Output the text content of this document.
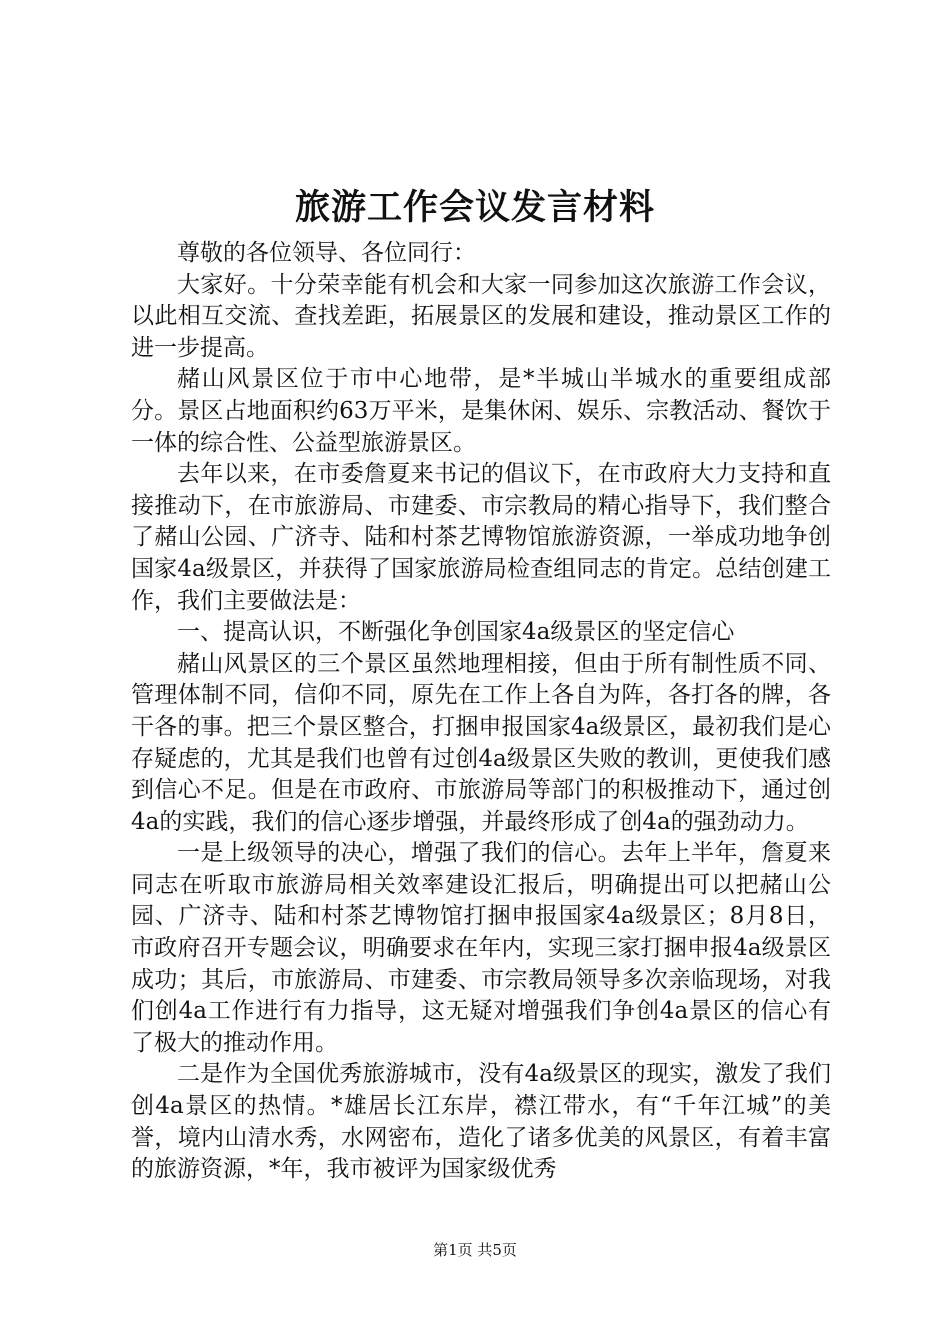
旅游工作会议发言材料

尊敬的各位领导、各位同行：

大家好。十分荣幸能有机会和大家一同参加这次旅游工作会议，以此相互交流、查找差距，拓展景区的发展和建设，推动景区工作的进一步提高。

赭山风景区位于市中心地带，是*半城山半城水的重要组成部分。景区占地面积约63万平米，是集休闲、娱乐、宗教活动、餐饮于一体的综合性、公益型旅游景区。

去年以来，在市委詹夏来书记的倡议下，在市政府大力支持和直接推动下，在市旅游局、市建委、市宗教局的精心指导下，我们整合了赭山公园、广济寺、陆和村茶艺博物馆旅游资源，一举成功地争创国家4a级景区，并获得了国家旅游局检查组同志的肯定。总结创建工作，我们主要做法是：

一、提高认识，不断强化争创国家4a级景区的坚定信心

赭山风景区的三个景区虽然地理相接，但由于所有制性质不同、管理体制不同，信仰不同，原先在工作上各自为阵，各打各的牌，各干各的事。把三个景区整合，打捆申报国家4a级景区，最初我们是心存疑虑的，尤其是我们也曾有过创4a级景区失败的教训，更使我们感到信心不足。但是在市政府、市旅游局等部门的积极推动下，通过创4a的实践，我们的信心逐步增强，并最终形成了创4a的强劲动力。

一是上级领导的决心，增强了我们的信心。去年上半年，詹夏来同志在听取市旅游局相关效率建设汇报后，明确提出可以把赭山公园、广济寺、陆和村茶艺博物馆打捆申报国家4a级景区；8月8日，市政府召开专题会议，明确要求在年内，实现三家打捆申报4a级景区成功；其后，市旅游局、市建委、市宗教局领导多次亲临现场，对我们创4a工作进行有力指导，这无疑对增强我们争创4a景区的信心有了极大的推动作用。

二是作为全国优秀旅游城市，没有4a级景区的现实，激发了我们创4a景区的热情。*雄居长江东岸，襟江带水，有“千年江城”的美誉，境内山清水秀，水网密布，造化了诸多优美的风景区，有着丰富的旅游资源，*年，我市被评为国家级优秀

第1页 共5页
